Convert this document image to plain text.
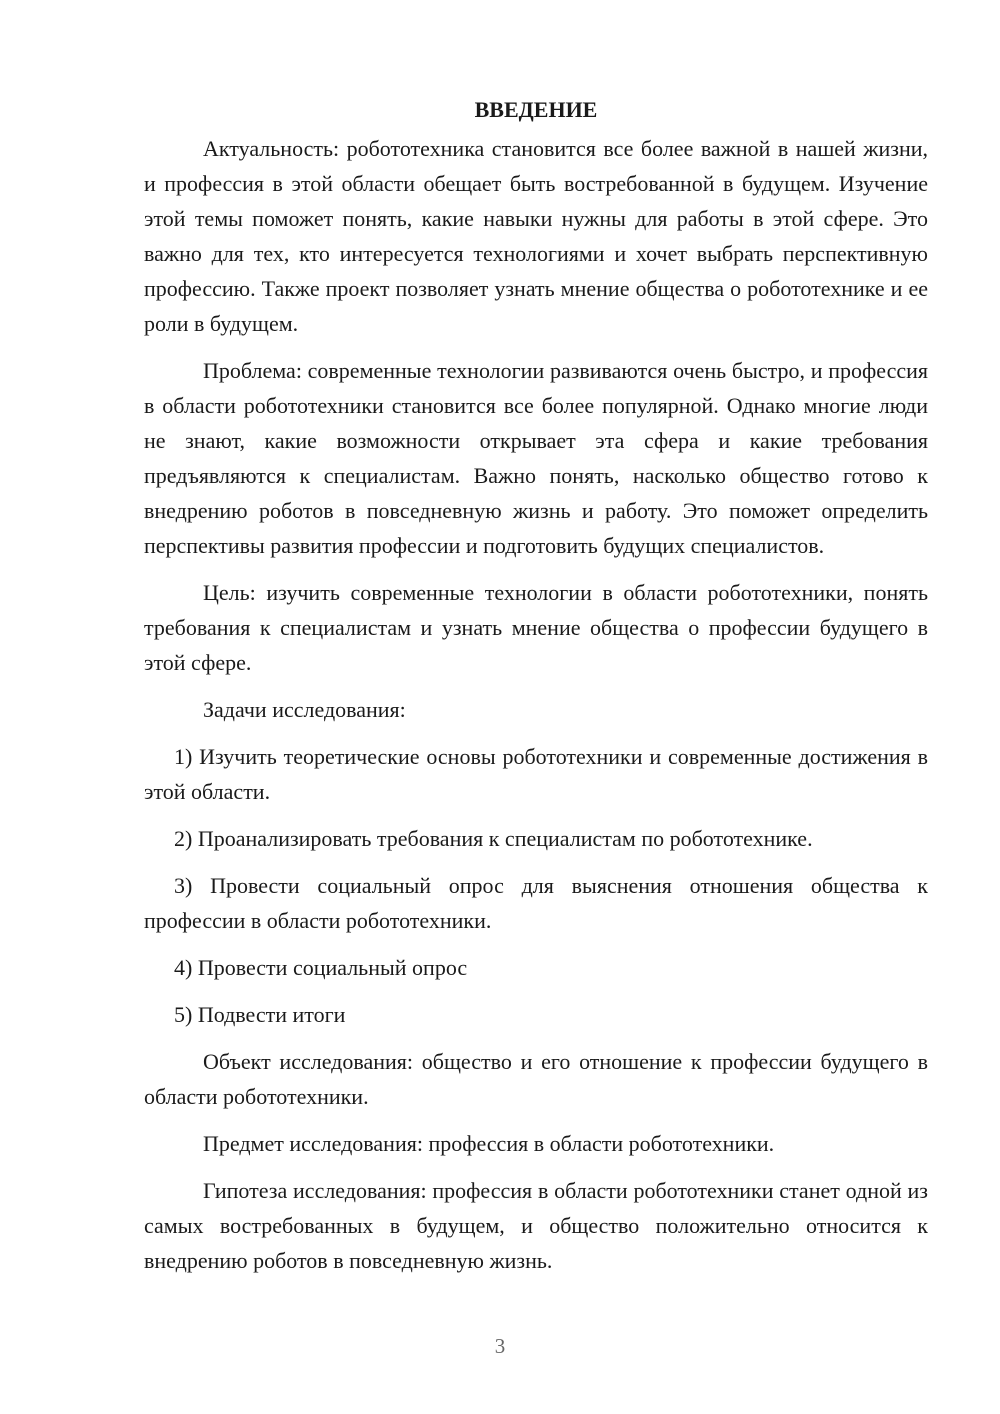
ВВЕДЕНИЕ

Актуальность: робототехника становится все более важной в нашей жизни, и профессия в этой области обещает быть востребованной в будущем. Изучение этой темы поможет понять, какие навыки нужны для работы в этой сфере. Это важно для тех, кто интересуется технологиями и хочет выбрать перспективную профессию. Также проект позволяет узнать мнение общества о робототехнике и ее роли в будущем.

Проблема: современные технологии развиваются очень быстро, и профессия в области робототехники становится все более популярной. Однако многие люди не знают, какие возможности открывает эта сфера и какие требования предъявляются к специалистам. Важно понять, насколько общество готово к внедрению роботов в повседневную жизнь и работу. Это поможет определить перспективы развития профессии и подготовить будущих специалистов.

Цель: изучить современные технологии в области робототехники, понять требования к специалистам и узнать мнение общества о профессии будущего в этой сфере.

Задачи исследования:

1) Изучить теоретические основы робототехники и современные достижения в этой области.

2) Проанализировать требования к специалистам по робототехнике.

3) Провести социальный опрос для выяснения отношения общества к профессии в области робототехники.

4) Провести социальный опрос

5) Подвести итоги

Объект исследования: общество и его отношение к профессии будущего в области робототехники.

Предмет исследования: профессия в области робототехники.

Гипотеза исследования: профессия в области робототехники станет одной из самых востребованных в будущем, и общество положительно относится к внедрению роботов в повседневную жизнь.

3
